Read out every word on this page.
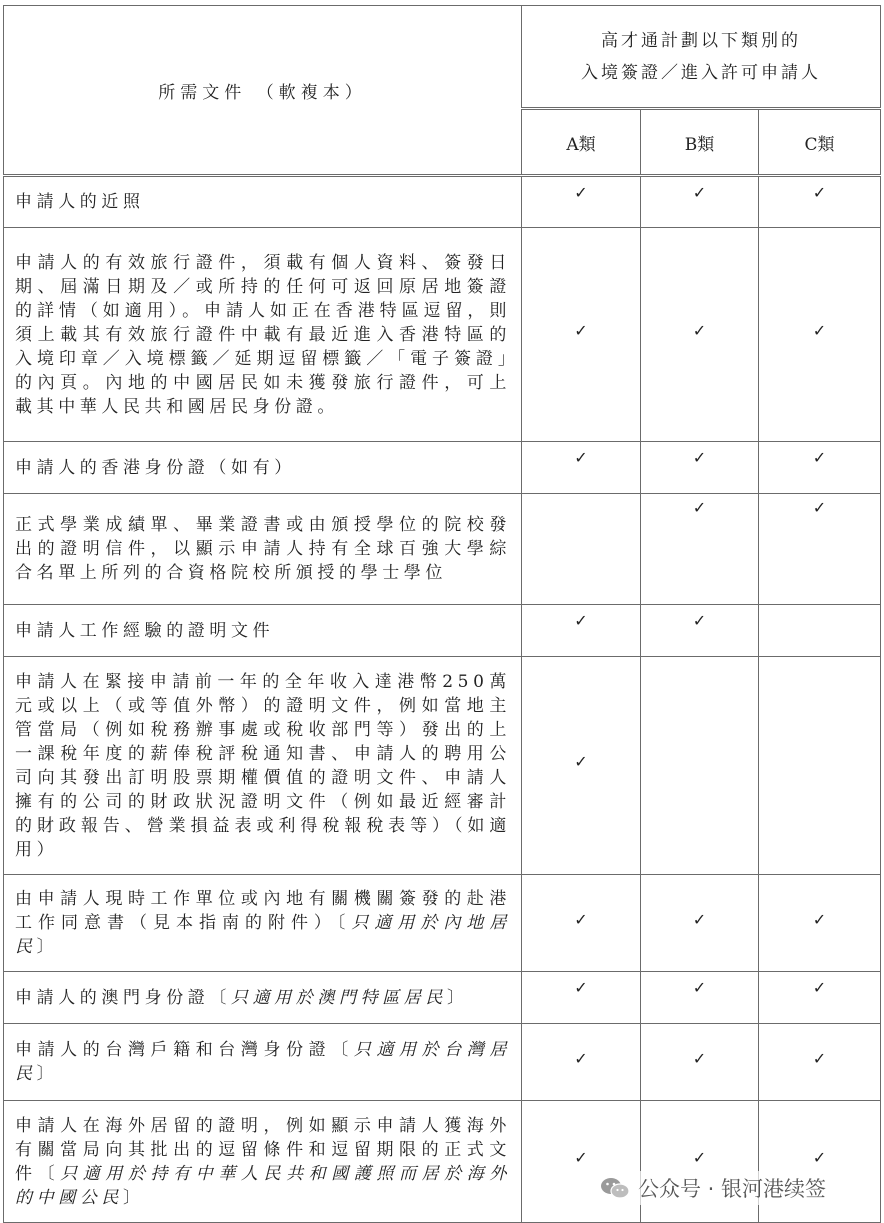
所需文件 （軟複本）	高才通計劃以下類別的
入境簽證／進入許可申請人		

	A類	B類	C類
申請人的近照	✓	✓	✓
申請人的有效旅行證件，須載有個人資料、簽發日期、屆滿日期及／或所持的任何可返回原居地簽證的詳情（如適用）。申請人如正在香港特區逗留，則須上載其有效旅行證件中載有最近進入香港特區的入境印章／入境標籤／延期逗留標籤／「電子簽證」的內頁。內地的中國居民如未獲發旅行證件，可上載其中華人民共和國居民身份證。	✓	✓	✓
申請人的香港身份證（如有）	✓	✓	✓
正式學業成績單、畢業證書或由頒授學位的院校發出的證明信件，以顯示申請人持有全球百強大學綜合名單上所列的合資格院校所頒授的學士學位		✓	✓
申請人工作經驗的證明文件	✓	✓	
申請人在緊接申請前一年的全年收入達港幣250萬元或以上（或等值外幣）的證明文件，例如當地主管當局（例如稅務辦事處或稅收部門等）發出的上一課稅年度的薪俸稅評稅通知書、申請人的聘用公司向其發出訂明股票期權價值的證明文件、申請人擁有的公司的財政狀況證明文件（例如最近經審計的財政報告、營業損益表或利得稅報稅表等）（如適用）	✓		
由申請人現時工作單位或內地有關機關簽發的赴港工作同意書（見本指南的附件）〔只適用於內地居民〕	✓	✓	✓
申請人的澳門身份證〔只適用於澳門特區居民〕	✓	✓	✓
申請人的台灣戶籍和台灣身份證〔只適用於台灣居民〕	✓	✓	✓
申請人在海外居留的證明，例如顯示申請人獲海外有關當局向其批出的逗留條件和逗留期限的正式文件〔只適用於持有中華人民共和國護照而居於海外的中國公民〕	✓	✓	✓
公众号 · 银河港续签
